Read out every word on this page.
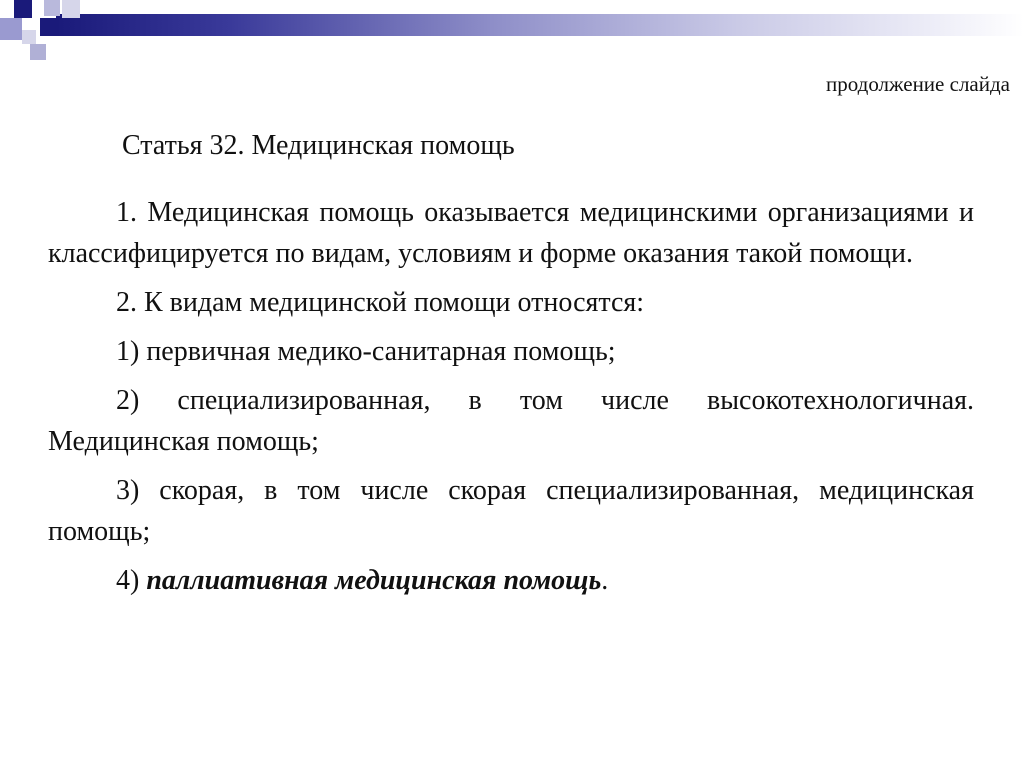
продолжение слайда
Статья 32. Медицинская помощь

1. Медицинская помощь оказывается медицинскими организациями и классифицируется по видам, условиям и форме оказания такой помощи.

2. К видам медицинской помощи относятся:

1) первичная медико-санитарная помощь;

2) специализированная, в том числе высокотехнологичная. Медицинская помощь;

3) скорая, в том числе скорая специализированная, медицинская помощь;

4) паллиативная медицинская помощь.
